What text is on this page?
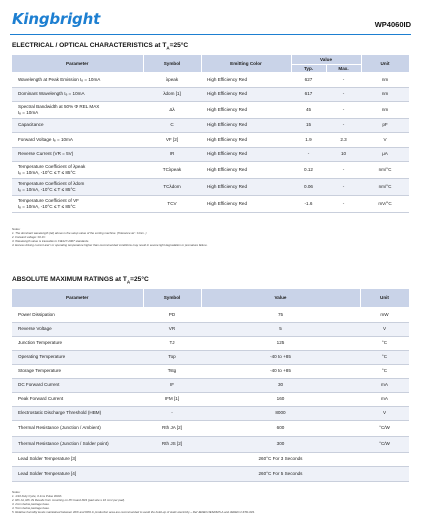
Kingbright	WP4060ID
ELECTRICAL / OPTICAL CHARACTERISTICS at $T_A=25^\circ C$
Parameter	Symbol	Emitting Color	Value		Unit
			Typ.	Max.	
Wavelength at Peak Emission Iₑ = 10mA	λpeak	High Efficiency Red	627	-	nm
Dominant Wavelength Iₑ = 10mA	λdom [1]	High Efficiency Red	617	-	nm
Spectral Bandwidth at 50% Φ REL MAX
Iₑ = 10mA	Δλ	High Efficiency Red	45	-	nm
Capacitance	C	High Efficiency Red	15	-	pF
Forward Voltage Iₑ = 10mA	VF [2]	High Efficiency Red	1.9	2.3	V
Reverse Current (VR = 5V)	IR	High Efficiency Red	-	10	μA
Temperature Coefficient of λpeak
Iₑ = 10mA, -10°C ≤ T ≤ 85°C	TCλpeak	High Efficiency Red	0.12	-	nm/°C
Temperature Coefficient of λdom
Iₑ = 10mA, -10°C ≤ T ≤ 85°C	TCλdom	High Efficiency Red	0.06	-	nm/°C
Temperature Coefficient of VF
Iₑ = 10mA, -10°C ≤ T ≤ 85°C	TCV	High Efficiency Red	-1.6	-	mV/°C
Notes:
1. The dominant wavelength (λd) above is the setup value of the sorting machine. (Tolerance λd : ±1nm. )
2. Forward voltage: ±0.1V.
3. Wavelength value is traceable to CIE127-2007 standards.
4. Excess driving current and / or operating temperature higher than recommended conditions may result in severe light degradation or premature failure.
ABSOLUTE MAXIMUM RATINGS at $T_A=25^\circ C$
Parameter	Symbol	Value	Unit
Power Dissipation	PD	75	mW
Reverse Voltage	VR	5	V
Junction Temperature	TJ	125	°C
Operating Temperature	Top	-40 to +85	°C
Storage Temperature	Tstg	-40 to +85	°C
DC Forward Current	IF	30	mA
Peak Forward Current	IFM [1]	160	mA
Electrostatic Discharge Threshold (HBM)	-	8000	V
Thermal Resistance (Junction / Ambient)	Rth JA [2]	600	°C/W
Thermal Resistance (Junction / Solder point)	Rth JS [2]	300	°C/W
Lead Solder Temperature [3]		260°C For 3 Seconds	
Lead Solder Temperature [4]		260°C For 5 Seconds	
Notes:
1. 1/10 Duty Cycle, 0.1ms Pulse Width.
2. Rth JA ,Rth JS Results from mounting on PC board FR4 (pad size ≥ 16 mm² per pad).
3. 2mm below package base.
4. 5mm below package base.
5. Relative humidity levels maintained between 40% and 60% in production area are recommended to avoid the build-up of static electricity – Ref JEDEC/JESD625-A and JEDEC/J-STD-033.
